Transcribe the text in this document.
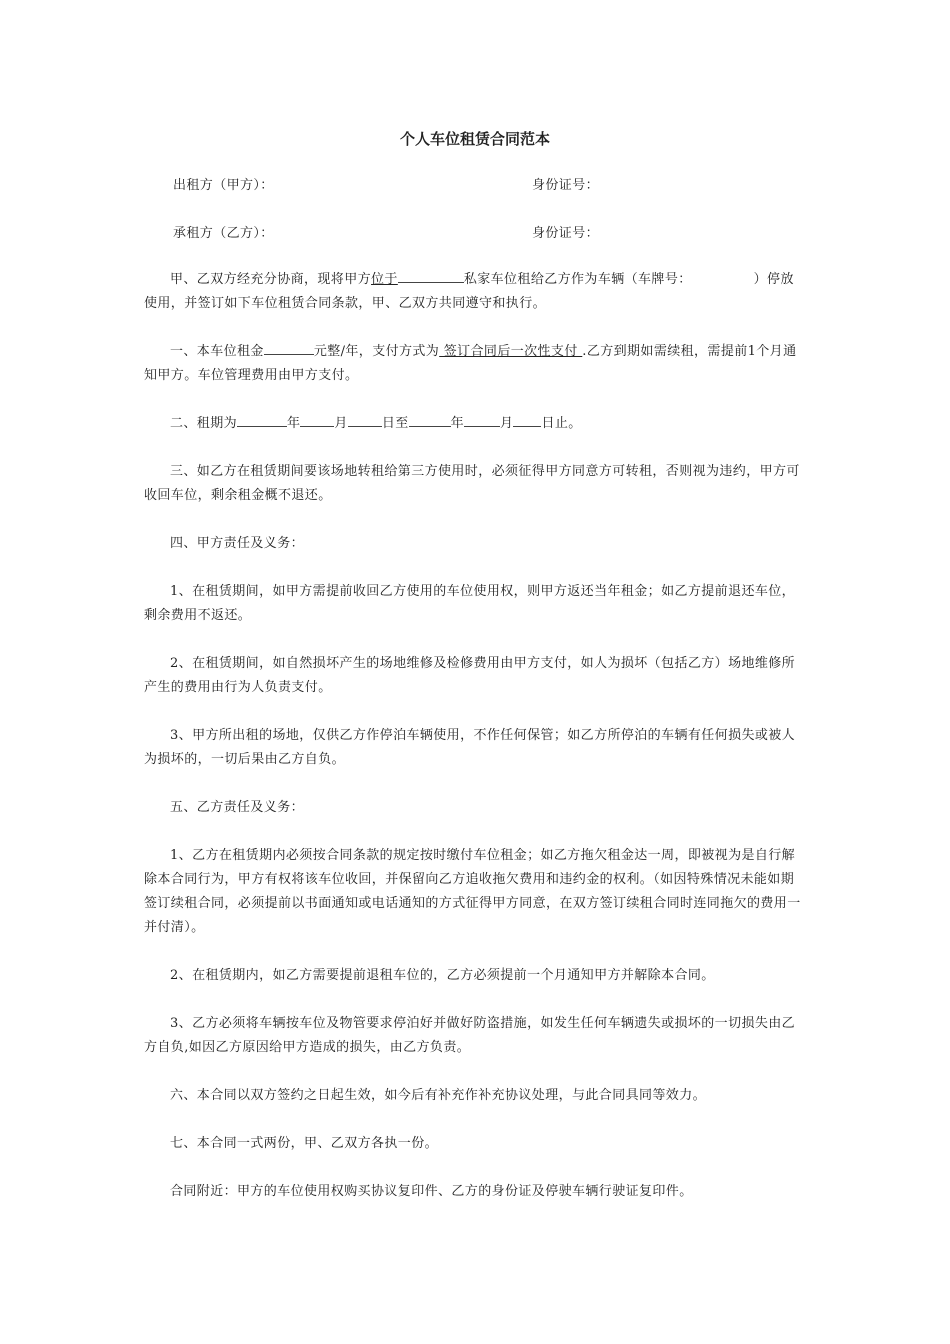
个人车位租赁合同范本
出租方（甲方）：	身份证号：
承租方（乙方）：	身份证号：

甲、乙双方经充分协商，现将甲方位于	私家车位租给乙方作为车辆（车牌号：	）停放使用，并签订如下车位租赁合同条款，甲、乙双方共同遵守和执行。

一、本车位租金	元整/年，支付方式为 签订合同后一次性支付 .乙方到期如需续租，需提前1个月通知甲方。车位管理费用由甲方支付。

二、租期为	年	月	日至	年	月 日止。

三、如乙方在租赁期间要该场地转租给第三方使用时，必须征得甲方同意方可转租，否则视为违约，甲方可收回车位，剩余租金概不退还。

四、甲方责任及义务：

1、在租赁期间，如甲方需提前收回乙方使用的车位使用权，则甲方返还当年租金；如乙方提前退还车位，剩余费用不返还。

2、在租赁期间，如自然损坏产生的场地维修及检修费用由甲方支付，如人为损坏（包括乙方）场地维修所产生的费用由行为人负责支付。

3、甲方所出租的场地，仅供乙方作停泊车辆使用，不作任何保管；如乙方所停泊的车辆有任何损失或被人为损坏的，一切后果由乙方自负。

五、乙方责任及义务：

1、乙方在租赁期内必须按合同条款的规定按时缴付车位租金；如乙方拖欠租金达一周，即被视为是自行解除本合同行为，甲方有权将该车位收回，并保留向乙方追收拖欠费用和违约金的权利。（如因特殊情况未能如期签订续租合同，必须提前以书面通知或电话通知的方式征得甲方同意，在双方签订续租合同时连同拖欠的费用一并付清）。

2、在租赁期内，如乙方需要提前退租车位的，乙方必须提前一个月通知甲方并解除本合同。

3、乙方必须将车辆按车位及物管要求停泊好并做好防盗措施，如发生任何车辆遗失或损坏的一切损失由乙方自负,如因乙方原因给甲方造成的损失，由乙方负责。

六、本合同以双方签约之日起生效，如今后有补充作补充协议处理，与此合同具同等效力。

七、本合同一式两份，甲、乙双方各执一份。

合同附近：甲方的车位使用权购买协议复印件、乙方的身份证及停驶车辆行驶证复印件。
